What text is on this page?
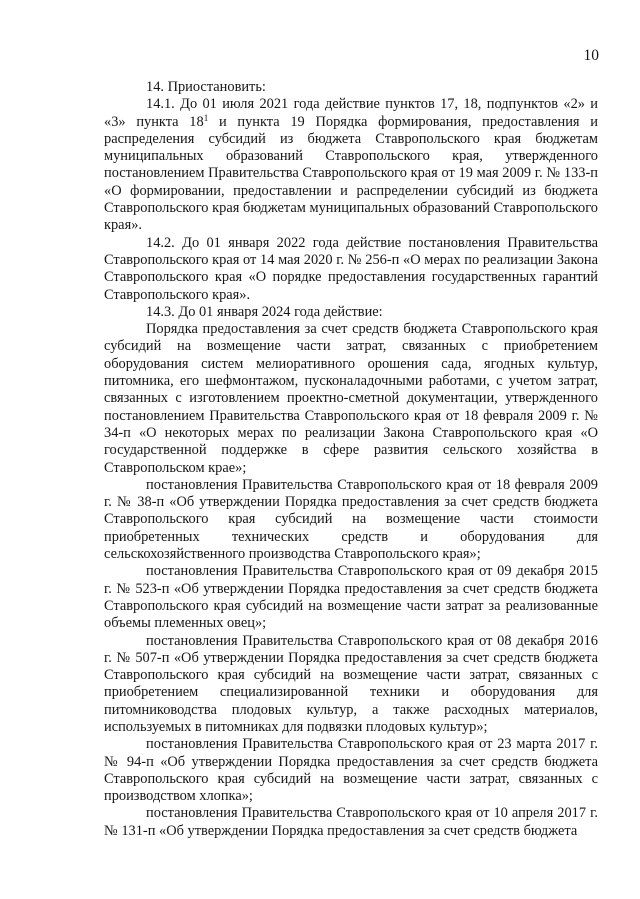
10

14. Приостановить:

14.1. До 01 июля 2021 года действие пунктов 17, 18, подпунктов «2» и «3» пункта $18^1$ и пункта 19 Порядка формирования, предоставления и распределения субсидий из бюджета Ставропольского края бюджетам муниципальных образований Ставропольского края, утвержденного постановлением Правительства Ставропольского края от 19 мая 2009 г. № 133-п «О формировании, предоставлении и распределении субсидий из бюджета Ставропольского края бюджетам муниципальных образований Ставропольского края».

14.2. До 01 января 2022 года действие постановления Правительства Ставропольского края от 14 мая 2020 г. № 256-п «О мерах по реализации Закона Ставропольского края «О порядке предоставления государственных гарантий Ставропольского края».

14.3. До 01 января 2024 года действие:

Порядка предоставления за счет средств бюджета Ставропольского края субсидий на возмещение части затрат, связанных с приобретением оборудования систем мелиоративного орошения сада, ягодных культур, питомника, его шефмонтажом, пусконаладочными работами, с учетом затрат, связанных с изготовлением проектно-сметной документации, утвержденного постановлением Правительства Ставропольского края от 18 февраля 2009 г. № 34-п «О некоторых мерах по реализации Закона Ставропольского края «О государственной поддержке в сфере развития сельского хозяйства в Ставропольском крае»;

постановления Правительства Ставропольского края от 18 февраля 2009 г. № 38-п «Об утверждении Порядка предоставления за счет средств бюджета Ставропольского края субсидий на возмещение части стоимости приобретенных технических средств и оборудования для сельскохозяйственного производства Ставропольского края»;

постановления Правительства Ставропольского края от 09 декабря 2015 г. № 523-п «Об утверждении Порядка предоставления за счет средств бюджета Ставропольского края субсидий на возмещение части затрат за реализованные объемы племенных овец»;

постановления Правительства Ставропольского края от 08 декабря 2016 г. № 507-п «Об утверждении Порядка предоставления за счет средств бюджета Ставропольского края субсидий на возмещение части затрат, связанных с приобретением специализированной техники и оборудования для питомниководства плодовых культур, а также расходных материалов, используемых в питомниках для подвязки плодовых культур»;

постановления Правительства Ставропольского края от 23 марта 2017 г. № 94-п «Об утверждении Порядка предоставления за счет средств бюджета Ставропольского края субсидий на возмещение части затрат, связанных с производством хлопка»;

постановления Правительства Ставропольского края от 10 апреля 2017 г. № 131-п «Об утверждении Порядка предоставления за счет средств бюджета
